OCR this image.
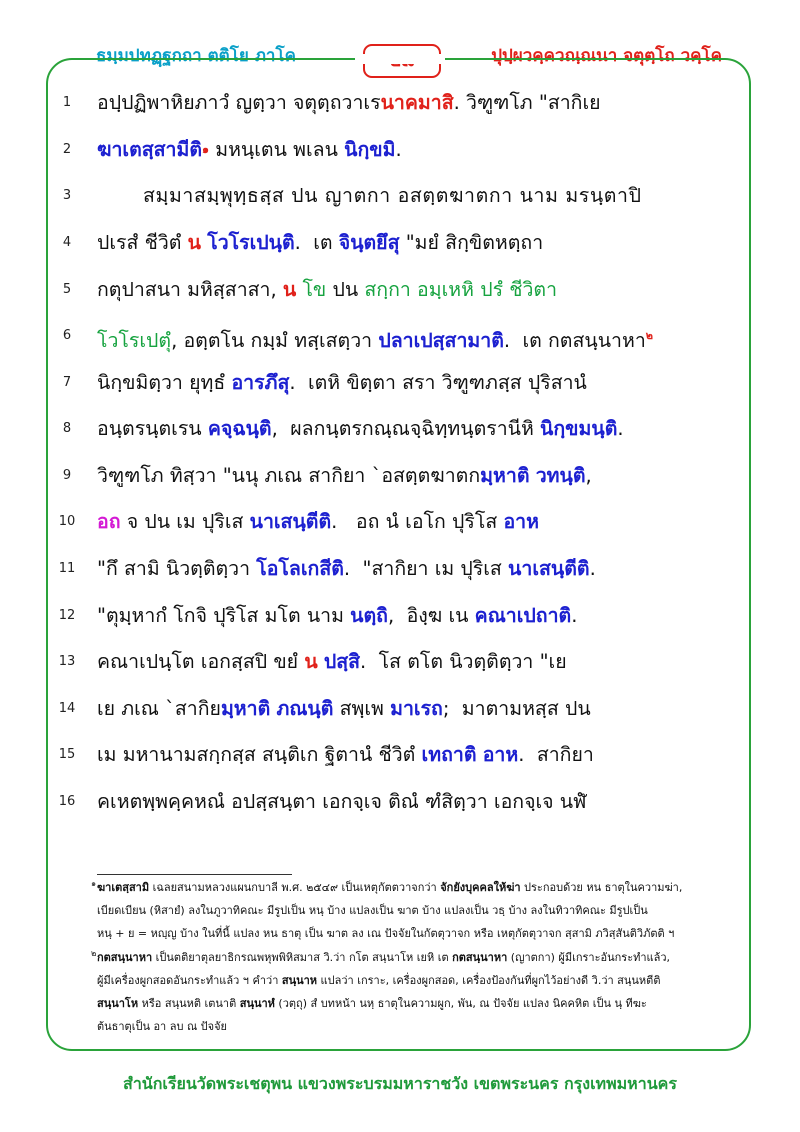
ธมฺมปทฏฺฐกถา ตติโย ภาโค	ปุปฺผวคฺควณฺณนา จตุตฺโถ วคฺโค
1
2
3
4
5
6
7
8
9
10
11
12
13
14
15
16
อปฺปฏิพาหิยภาวํ ญตฺวา จตุตฺถวาเรนาคมาสิ. วิฑูฑโภ "สากิเย
ฆาเตสฺสามีติ ๑ มหนฺเตน พเลน นิกฺขมิ .
สมฺมาสมฺพุทฺธสฺส ปน ญาตกา อสตฺตฆาตกา นาม มรนฺตาปิ
ปเรสํ ชีวิตํ น โวโรเปนฺติ.  เต จินฺตยึสุ "มยํ สิกฺขิตหตฺถา
กตุปาสนา มหิสฺสาสา, น โข ปน สกฺกา อมฺเหหิ ปรํ ชีวิตา
โวโรเปตุํ, อตฺตโน กมฺมํ ทสฺเสตฺวา ปลาเปสฺสามาติ.  เต กตสนฺนาหา$^๒$
นิกฺขมิตฺวา ยุทฺธํ อารภึสุ.  เตหิ ขิตฺตา สรา วิฑูฑภสฺส ปุริสานํ
อนฺตรนฺตเรน คจฺฉนฺติ,  ผลกนฺตรกณฺณจฺฉิทฺทนฺตรานีหิ นิกฺขมนฺติ.
วิฑูฑโภ ทิสฺวา "นนุ ภเณ สากิยา `อสตฺตฆาตกมฺหาติ วทนฺติ,
อถ จ ปน เม ปุริเส นาเสนฺตีติ.   อถ นํ เอโก ปุริโส อาห
"กึ สามิ นิวตฺติตฺวา โอโลเกสีติ.  "สากิยา เม ปุริเส นาเสนฺตีติ.
"ตุมฺหากํ โกจิ ปุริโส มโต นาม นตฺถิ,  อิงฺฆ เน คณาเปถาติ.
คณาเปนฺโต เอกสฺสปิ ขยํ น ปสฺสิ.  โส ตโต นิวตฺติตฺวา "เย
เย ภเณ `สากิยมฺหาติ ภณนฺติ สพฺเพ มาเรถ;  มาตามหสฺส ปน
เม มหานามสกฺกสฺส สนฺติเก ฐิตานํ ชีวิตํ เทถาติ อาห.  สากิยา
คเหตพฺพคฺคหณํ อปสฺสนฺตา เอกจฺเจ ติณํ ฑํสิตฺวา เอกจฺเจ นฬํ
๑ ฆาเตสฺสามิ เฉลยสนามหลวงแผนกบาลี พ.ศ. ๒๕๔๙ เป็นเหตุกัตตวาจกว่า จักยังบุคคลให้ฆ่า ประกอบด้วย หน ธาตุในความฆ่า,
เบียดเบียน (หิสายํ) ลงในภูวาทิคณะ มีรูปเป็น หนฺ บ้าง แปลงเป็น ฆาต บ้าง แปลงเป็น วธฺ บ้าง ลงในทิวาทิคณะ มีรูปเป็น
หนฺ + ย = หญฺญ บ้าง ในที่นี้ แปลง หน ธาตุ เป็น ฆาต ลง เณ ปัจจัยในกัตตุวาจก หรือ เหตุกัตตุวาจก สฺสามิ ภวิสฺสันติวิภัตติ ฯ
๒ กตสนฺนาหา เป็นตติยาตุลยาธิกรณพหุพพิหิสมาส วิ.ว่า กโต สนฺนาโห เยหิ เต กตสนฺนาหา (ญาตกา) ผู้มีเกราะอันกระทำแล้ว,
ผู้มีเครื่องผูกสอดอันกระทำแล้ว ฯ คำว่า สนฺนาห แปลว่า เกราะ, เครื่องผูกสอด, เครื่องป้องกันที่ผูกไว้อย่างดี วิ.ว่า สนฺนหตีติ
สนฺนาโห หรือ สนฺนหติ เตนาติ สนฺนาหํ (วตฺถุ) สํ บทหน้า นหฺ ธาตุในความผูก, พัน, ณ ปัจจัย แปลง นิคคหิต เป็น นฺ ทีฆะ
ต้นธาตุเป็น อา ลบ ณ ปัจจัย
สำนักเรียนวัดพระเชตุพน แขวงพระบรมมหาราชวัง เขตพระนคร กรุงเทพมหานคร
